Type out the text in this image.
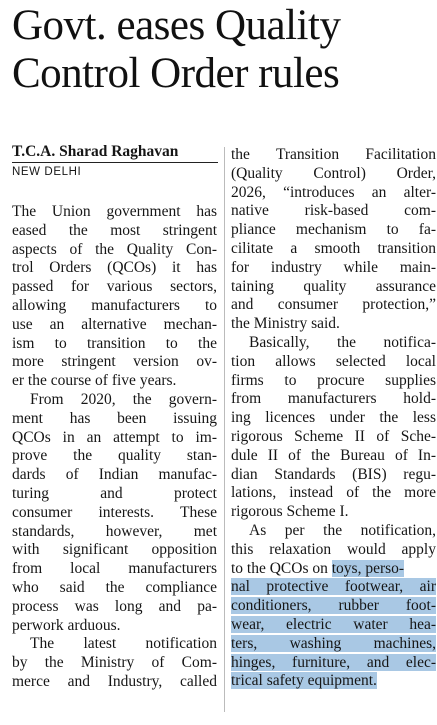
Govt. eases Quality
Control Order rules
T.C.A. Sharad Raghavan
NEW DELHI
The Union government has
eased the most stringent
aspects of the Quality Con-
trol Orders (QCOs) it has
passed for various sectors,
allowing manufacturers to
use an alternative mechan-
ism to transition to the
more stringent version ov-
er the course of five years.
From 2020, the govern-
ment has been issuing
QCOs in an attempt to im-
prove the quality stan-
dards of Indian manufac-
turing and protect
consumer interests. These
standards, however, met
with significant opposition
from local manufacturers
who said the compliance
process was long and pa-
perwork arduous.
The latest notification
by the Ministry of Com-
merce and Industry, called
the Transition Facilitation
(Quality Control) Order,
2026, “introduces an alter-
native risk-based com-
pliance mechanism to fa-
cilitate a smooth transition
for industry while main-
taining quality assurance
and consumer protection,”
the Ministry said.
Basically, the notifica-
tion allows selected local
firms to procure supplies
from manufacturers hold-
ing licences under the less
rigorous Scheme II of Sche-
dule II of the Bureau of In-
dian Standards (BIS) regu-
lations, instead of the more
rigorous Scheme I.
As per the notification,
this relaxation would apply
to the QCOs on toys, perso-
nal protective footwear, air
conditioners, rubber foot-
wear, electric water hea-
ters, washing machines,
hinges, furniture, and elec-
trical safety equipment.
